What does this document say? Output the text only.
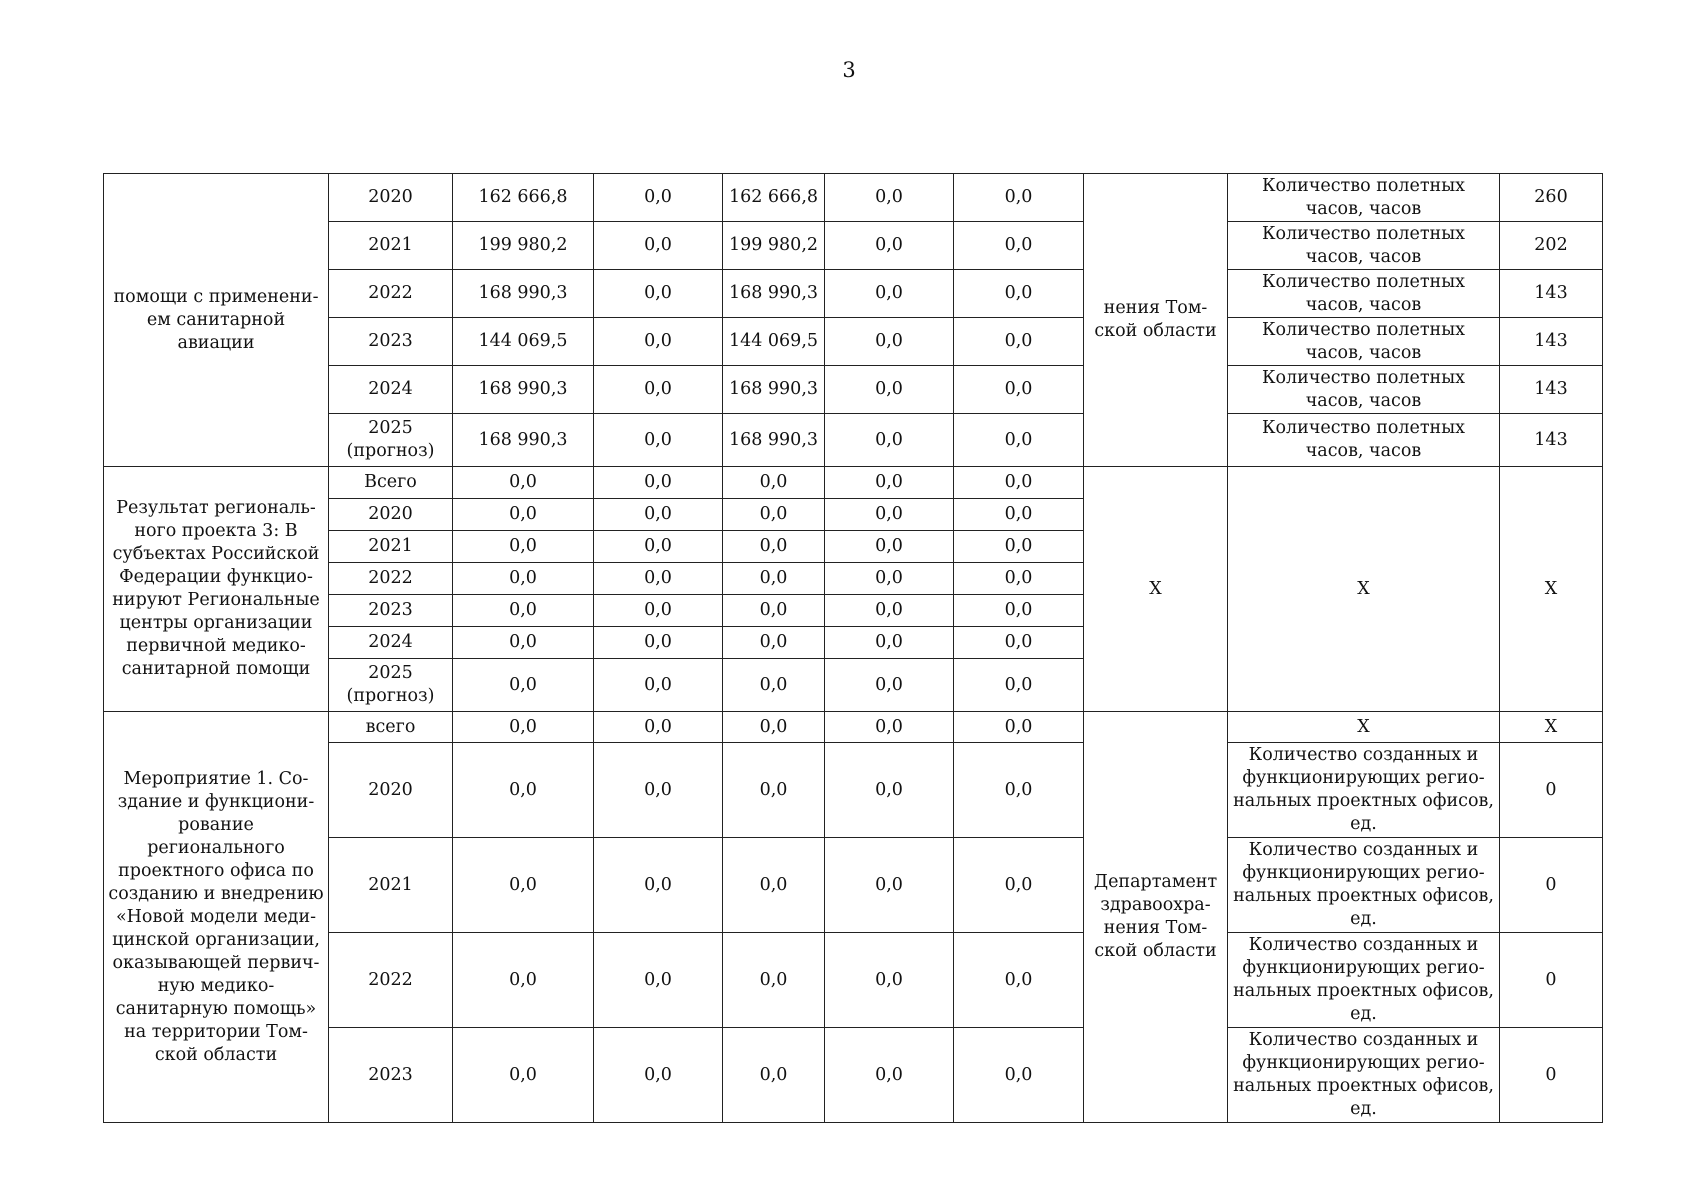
3
помощи с применени-ем санитарной авиации	2020	162 666,8	0,0	162 666,8	0,0	0,0	нения Том-ской области	Количество полетных часов, часов	260
	2021	199 980,2	0,0	199 980,2	0,0	0,0		Количество полетных часов, часов	202
	2022	168 990,3	0,0	168 990,3	0,0	0,0		Количество полетных часов, часов	143
	2023	144 069,5	0,0	144 069,5	0,0	0,0		Количество полетных часов, часов	143
	2024	168 990,3	0,0	168 990,3	0,0	0,0		Количество полетных часов, часов	143
	2025 (прогноз)	168 990,3	0,0	168 990,3	0,0	0,0		Количество полетных часов, часов	143
Результат региональ-ного проекта 3: В субъектах Российской Федерации функцио-нируют Региональные центры организации первичной медико-санитарной помощи	Всего	0,0	0,0	0,0	0,0	0,0	Х	Х	Х
	2020	0,0	0,0	0,0	0,0	0,0			
	2021	0,0	0,0	0,0	0,0	0,0			
	2022	0,0	0,0	0,0	0,0	0,0			
	2023	0,0	0,0	0,0	0,0	0,0			
	2024	0,0	0,0	0,0	0,0	0,0			
	2025 (прогноз)	0,0	0,0	0,0	0,0	0,0			
Мероприятие 1. Со-здание и функциони-рование регионального проектного офиса по созданию и внедрению «Новой модели меди-цинской организации, оказывающей первич-ную медико-санитарную помощь» на территории Том-ской области	всего	0,0	0,0	0,0	0,0	0,0	Департамент здравоохра-нения Том-ской области	Х	Х
	2020	0,0	0,0	0,0	0,0	0,0		Количество созданных и функционирующих регио-нальных проектных офисов, ед.	0
	2021	0,0	0,0	0,0	0,0	0,0		Количество созданных и функционирующих регио-нальных проектных офисов, ед.	0
	2022	0,0	0,0	0,0	0,0	0,0		Количество созданных и функционирующих регио-нальных проектных офисов, ед.	0
	2023	0,0	0,0	0,0	0,0	0,0		Количество созданных и функционирующих регио-нальных проектных офисов, ед.	0
